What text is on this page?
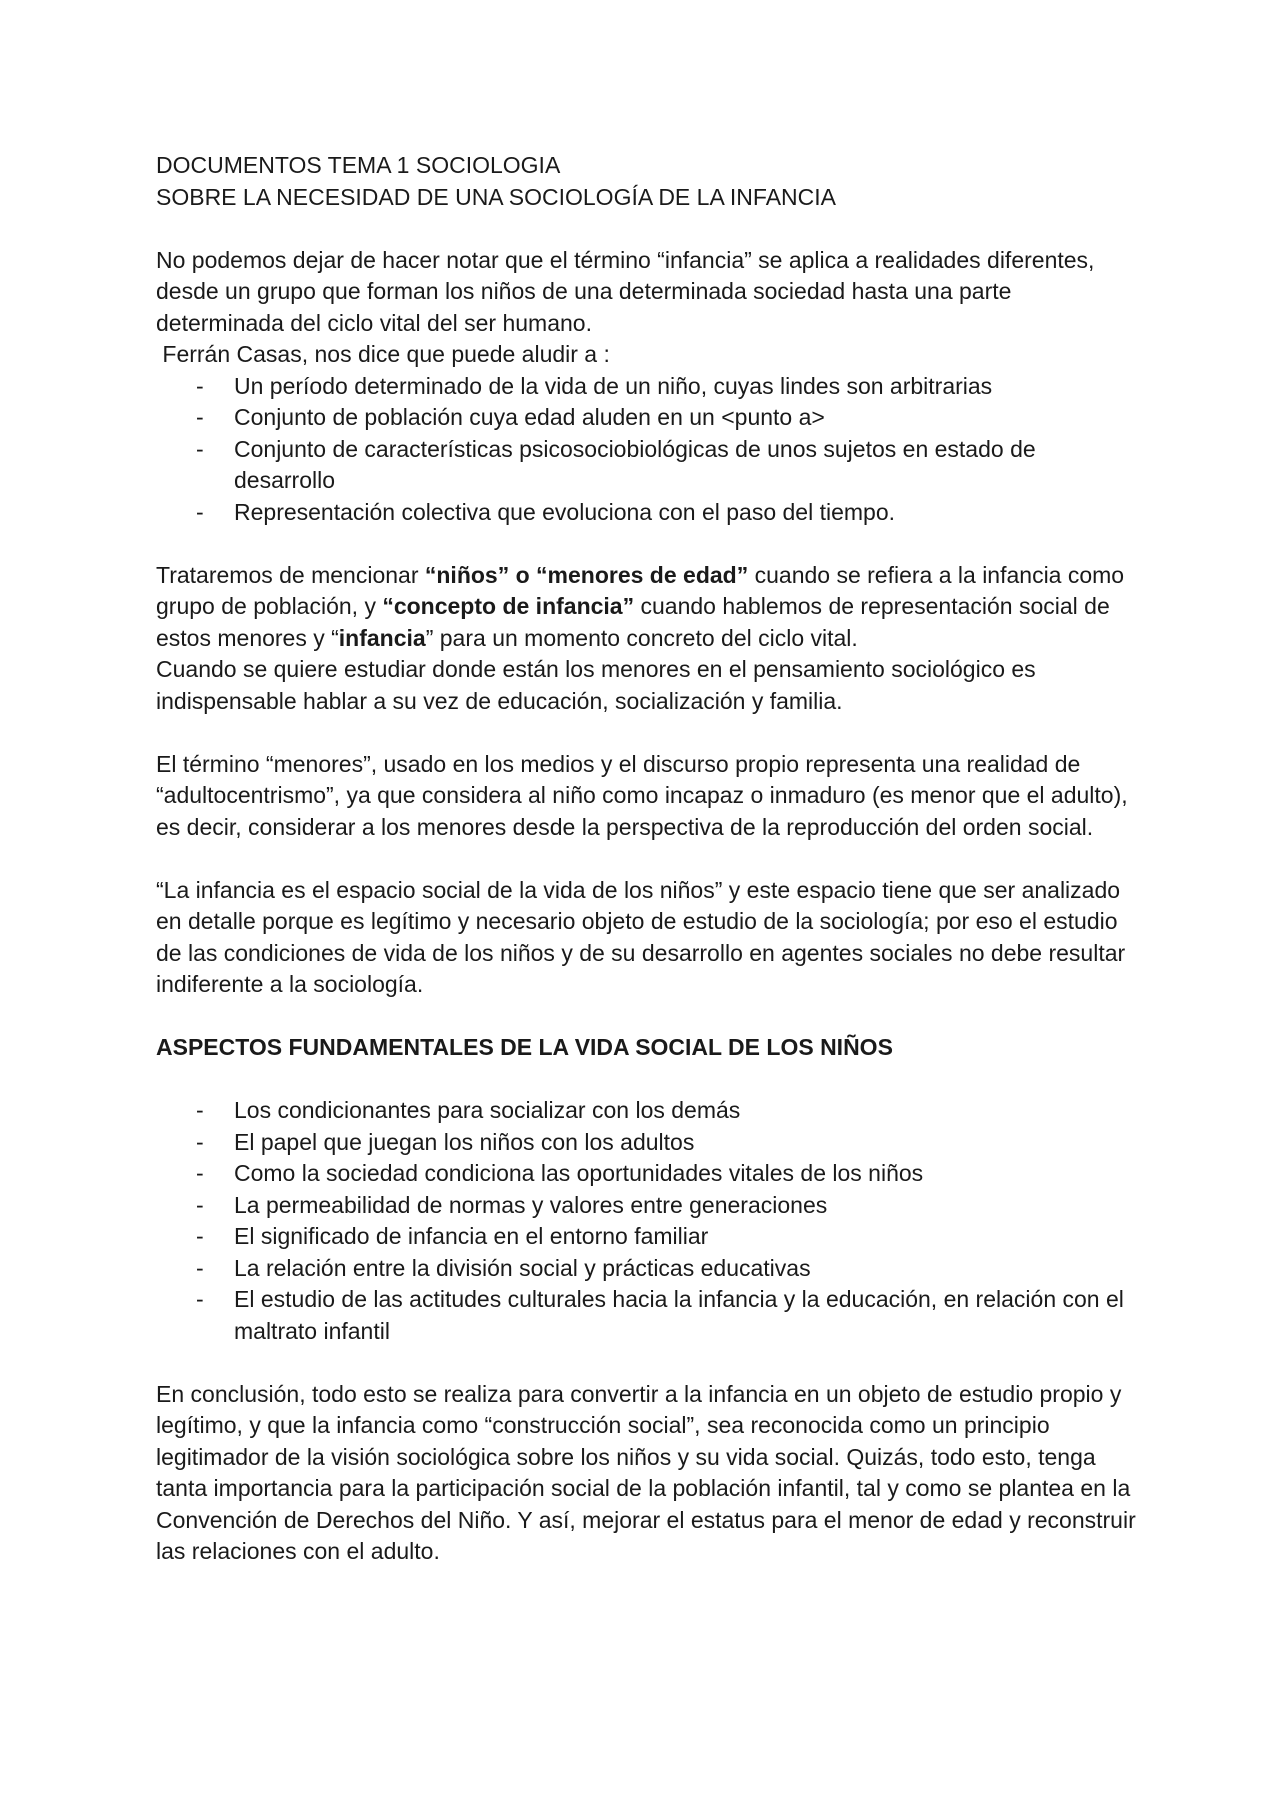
DOCUMENTOS TEMA 1 SOCIOLOGIA

SOBRE LA NECESIDAD DE UNA SOCIOLOGÍA DE LA INFANCIA

No podemos dejar de hacer notar que el término “infancia” se aplica a realidades diferentes, desde un grupo que forman los niños de una determinada sociedad hasta una parte determinada del ciclo vital del ser humano.

Ferrán Casas, nos dice que puede aludir a :

- Un período determinado de la vida de un niño, cuyas lindes son arbitrarias
- Conjunto de población cuya edad aluden en un <punto a>
- Conjunto de características psicosociobiológicas de unos sujetos en estado de desarrollo
- Representación colectiva que evoluciona con el paso del tiempo.

Trataremos de mencionar “niños” o “menores de edad” cuando se refiera a la infancia como grupo de población, y “concepto de infancia” cuando hablemos de representación social de estos menores y “infancia” para un momento concreto del ciclo vital.

Cuando se quiere estudiar donde están los menores en el pensamiento sociológico es indispensable hablar a su vez de educación, socialización y familia.

El término “menores”, usado en los medios y el discurso propio representa una realidad de “adultocentrismo”, ya que considera al niño como incapaz o inmaduro (es menor que el adulto), es decir, considerar a los menores desde la perspectiva de la reproducción del orden social.

“La infancia es el espacio social de la vida de los niños” y este espacio tiene que ser analizado en detalle porque es legítimo y necesario objeto de estudio de la sociología; por eso el estudio de las condiciones de vida de los niños y de su desarrollo en agentes sociales no debe resultar indiferente a la sociología.

ASPECTOS FUNDAMENTALES DE LA VIDA SOCIAL DE LOS NIÑOS

- Los condicionantes para socializar con los demás
- El papel que juegan los niños con los adultos
- Como la sociedad condiciona las oportunidades vitales de los niños
- La permeabilidad de normas y valores entre generaciones
- El significado de infancia en el entorno familiar
- La relación entre la división social y prácticas educativas
- El estudio de las actitudes culturales hacia la infancia y la educación, en relación con el maltrato infantil

En conclusión, todo esto se realiza para convertir a la infancia en un objeto de estudio propio y legítimo, y que la infancia como “construcción social”, sea reconocida como un principio legitimador de la visión sociológica sobre los niños y su vida social. Quizás, todo esto, tenga tanta importancia para la participación social de la población infantil, tal y como se plantea en la Convención de Derechos del Niño. Y así, mejorar el estatus para el menor de edad y reconstruir las relaciones con el adulto.
